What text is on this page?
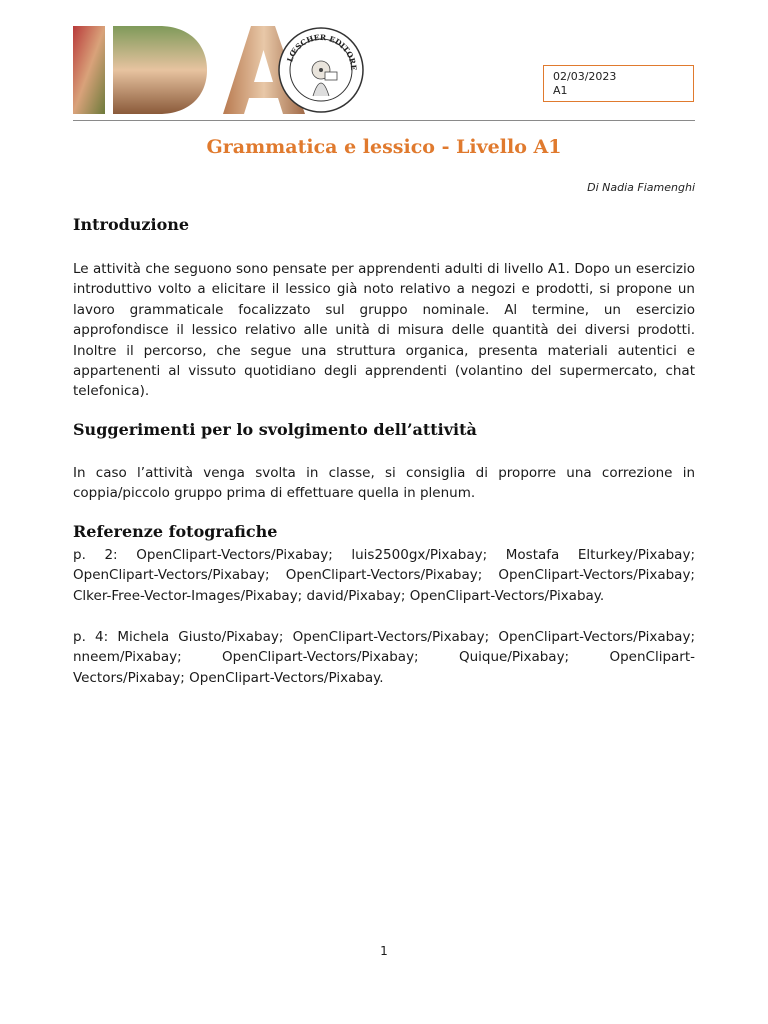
LŒSCHER EDITORE
02/03/2023
A1
Grammatica e lessico - Livello A1
Di Nadia Fiamenghi
Introduzione

Le attività che seguono sono pensate per apprendenti adulti di livello A1. Dopo un esercizio introduttivo volto a elicitare il lessico già noto relativo a negozi e prodotti, si propone un lavoro grammaticale focalizzato sul gruppo nominale. Al termine, un esercizio approfondisce il lessico relativo alle unità di misura delle quantità dei diversi prodotti. Inoltre il percorso, che segue una struttura organica, presenta materiali autentici e appartenenti al vissuto quotidiano degli apprendenti (volantino del supermercato, chat telefonica).

Suggerimenti per lo svolgimento dell’attività

In caso l’attività venga svolta in classe, si consiglia di proporre una correzione in coppia/piccolo gruppo prima di effettuare quella in plenum.

Referenze fotografiche

p. 2: OpenClipart-Vectors/Pixabay; luis2500gx/Pixabay; Mostafa Elturkey/Pixabay; OpenClipart-Vectors/Pixabay; OpenClipart-Vectors/Pixabay; OpenClipart-Vectors/Pixabay; Clker-Free-Vector-Images/Pixabay; david/Pixabay; OpenClipart-Vectors/Pixabay.

p. 4: Michela Giusto/Pixabay; OpenClipart-Vectors/Pixabay; OpenClipart-Vectors/Pixabay; nneem/Pixabay; OpenClipart-Vectors/Pixabay; Quique/Pixabay; OpenClipart-Vectors/Pixabay; OpenClipart-Vectors/Pixabay.

1
